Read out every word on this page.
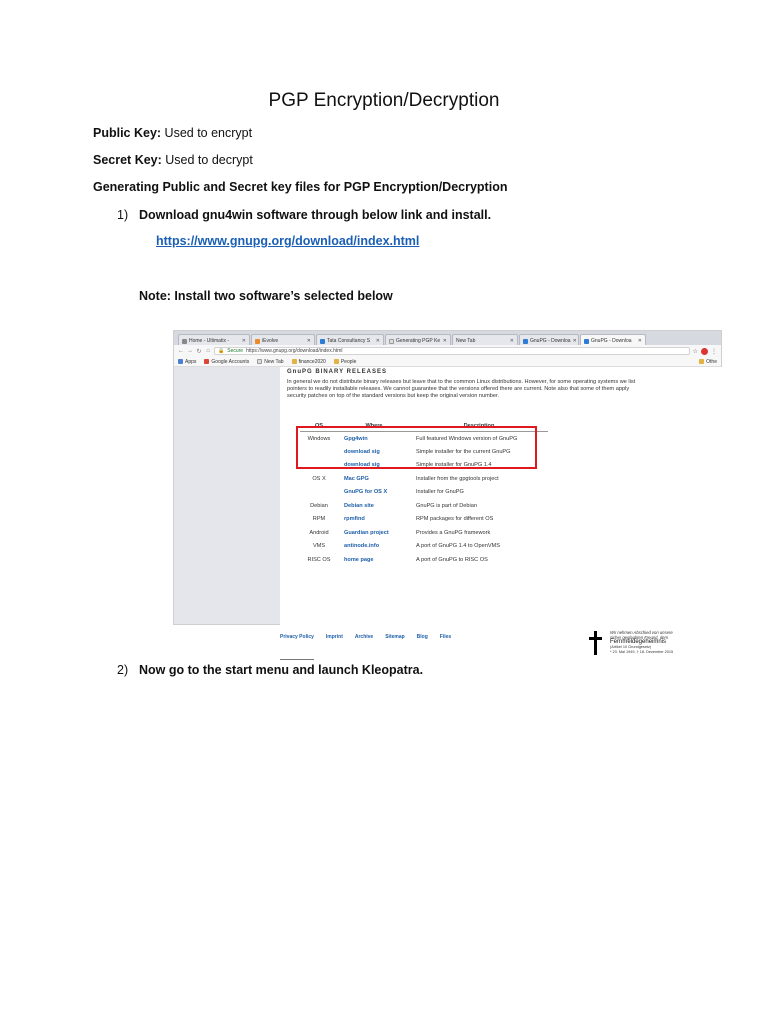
PGP Encryption/Decryption
Public Key: Used to encrypt
Secret Key: Used to decrypt
Generating Public and Secret key files for PGP Encryption/Decryption
1) Download gnu4win software through below link and install.
https://www.gnupg.org/download/index.html
Note: Install two software’s selected below
Home - Ultimatix -	✕	iEvolve	✕	Tata Consultancy S ✕	Generating PGP Ke ✕ New Tab	✕	GnuPG - Downloa ✕	GnuPG - Downloa ✕
← → ↻ ⌂ 🔒 Secure https://www.gnupg.org/download/index.html	☆ ⋮
Apps	Google Accounts	New Tab	finance2020	People	Othe
GnuPG BINARY RELEASES
In general we do not distribute binary releases but leave that to the common Linux distributions. However, for some operating systems we list pointers to readily installable releases. We cannot guarantee that the versions offered there are current. Note also that some of them apply security patches on top of the standard versions but keep the original version number.
OS	Where	Description
Windows	Gpg4win	Full featured Windows version of GnuPG
	download sig	Simple installer for the current GnuPG
	download sig	Simple installer for GnuPG 1.4
OS X	Mac GPG	Installer from the gpgtools project
	GnuPG for OS X	Installer for GnuPG
Debian	Debian site	GnuPG is part of Debian
RPM	rpmfind	RPM packages for different OS
Android	Guardian project	Provides a GnuPG framework
VMS	antinode.info	A port of GnuPG 1.4 to OpenVMS
RISC OS	home page	A port of GnuPG to RISC OS
Privacy Policy Imprint Archive Sitemap Blog Files
Wir nehmen Abschied von unsere
sicher geglaubten Freund, dem
Fernmeldegeheimnis
(Artikel 10 Grundgesetz)
* 23. Mai 1949, † 18. Dezember 2015
2) Now go to the start menu and launch Kleopatra.
